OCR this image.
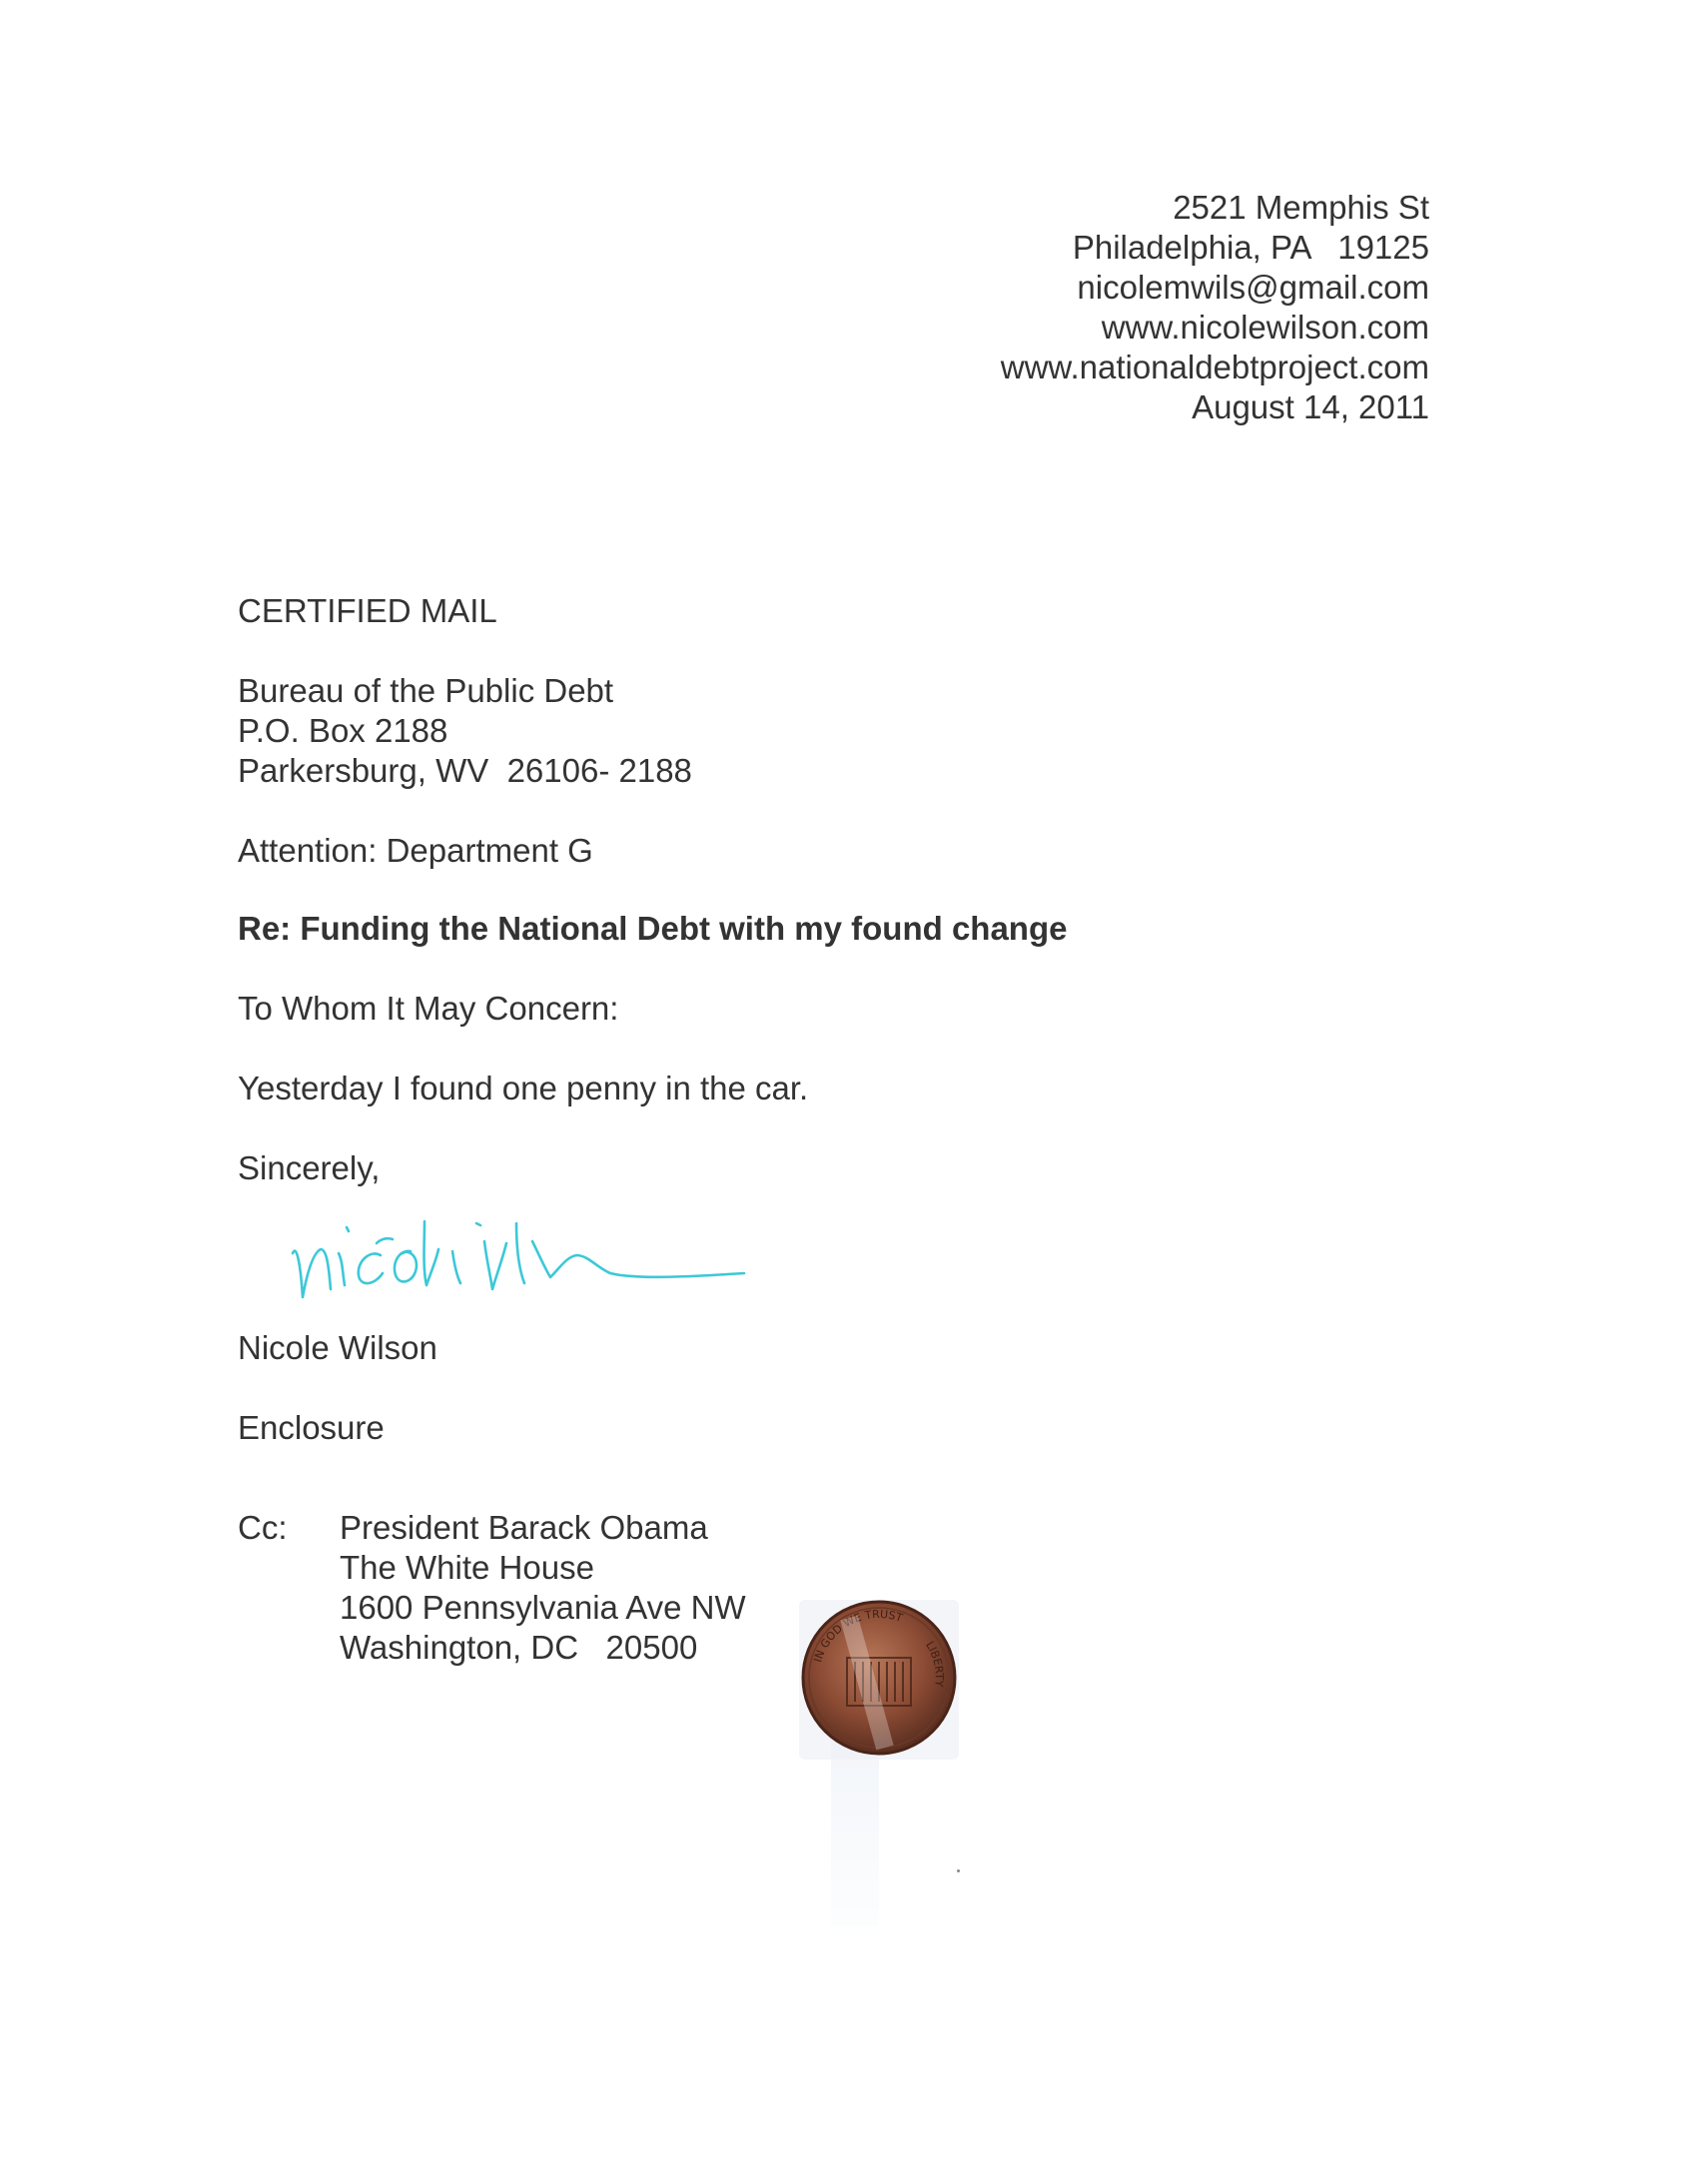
2521 Memphis St
Philadelphia, PA   19125
nicolemwils@gmail.com
www.nicolewilson.com
www.nationaldebtproject.com
August 14, 2011
CERTIFIED MAIL
Bureau of the Public Debt
P.O. Box 2188
Parkersburg, WV  26106- 2188
Attention: Department G
Re: Funding the National Debt with my found change
To Whom It May Concern:
Yesterday I found one penny in the car.
Sincerely,
Nicole Wilson
Enclosure
Cc: President Barack Obama
The White House
1600 Pennsylvania Ave NW
Washington, DC   20500	IN GOD WE TRUST
LIBERTY
